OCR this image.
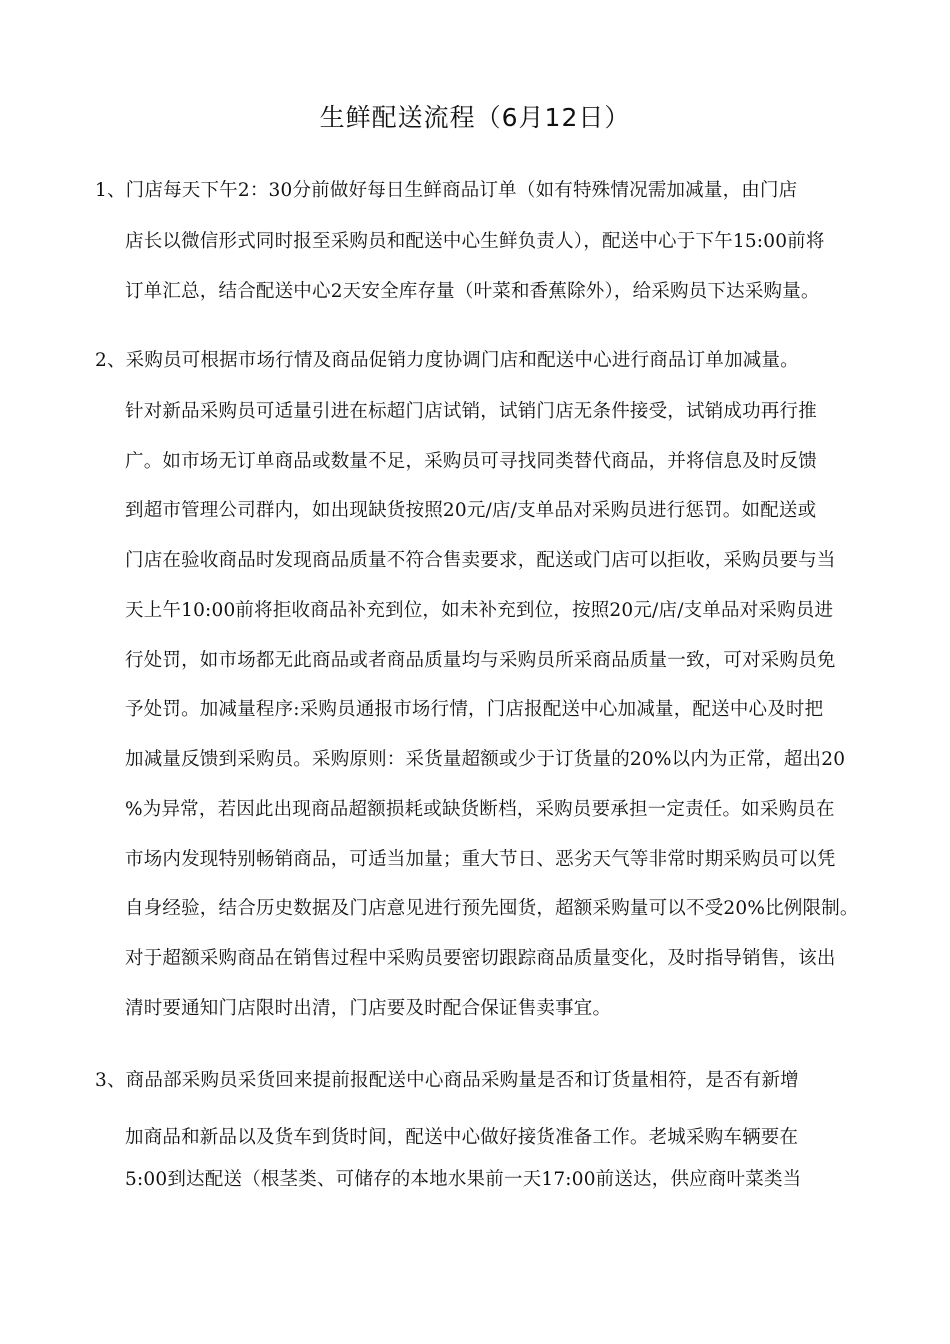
生鲜配送流程（6月12日）
1、门店每天下午2：30分前做好每日生鲜商品订单（如有特殊情况需加减量，由门店
店长以微信形式同时报至采购员和配送中心生鲜负责人），配送中心于下午15:00前将
订单汇总，结合配送中心2天安全库存量（叶菜和香蕉除外），给采购员下达采购量。
2、采购员可根据市场行情及商品促销力度协调门店和配送中心进行商品订单加减量。
针对新品采购员可适量引进在标超门店试销，试销门店无条件接受，试销成功再行推
广。如市场无订单商品或数量不足，采购员可寻找同类替代商品，并将信息及时反馈
到超市管理公司群内，如出现缺货按照20元/店/支单品对采购员进行惩罚。如配送或
门店在验收商品时发现商品质量不符合售卖要求，配送或门店可以拒收，采购员要与当
天上午10:00前将拒收商品补充到位，如未补充到位，按照20元/店/支单品对采购员进
行处罚，如市场都无此商品或者商品质量均与采购员所采商品质量一致，可对采购员免
予处罚。加减量程序:采购员通报市场行情，门店报配送中心加减量，配送中心及时把
加减量反馈到采购员。采购原则：采货量超额或少于订货量的20%以内为正常，超出20
%为异常，若因此出现商品超额损耗或缺货断档，采购员要承担一定责任。如采购员在
市场内发现特别畅销商品，可适当加量；重大节日、恶劣天气等非常时期采购员可以凭
自身经验，结合历史数据及门店意见进行预先囤货，超额采购量可以不受20%比例限制。
对于超额采购商品在销售过程中采购员要密切跟踪商品质量变化，及时指导销售，该出
清时要通知门店限时出清，门店要及时配合保证售卖事宜。
3、商品部采购员采货回来提前报配送中心商品采购量是否和订货量相符，是否有新增
加商品和新品以及货车到货时间，配送中心做好接货准备工作。老城采购车辆要在
5:00到达配送（根茎类、可储存的本地水果前一天17:00前送达，供应商叶菜类当
